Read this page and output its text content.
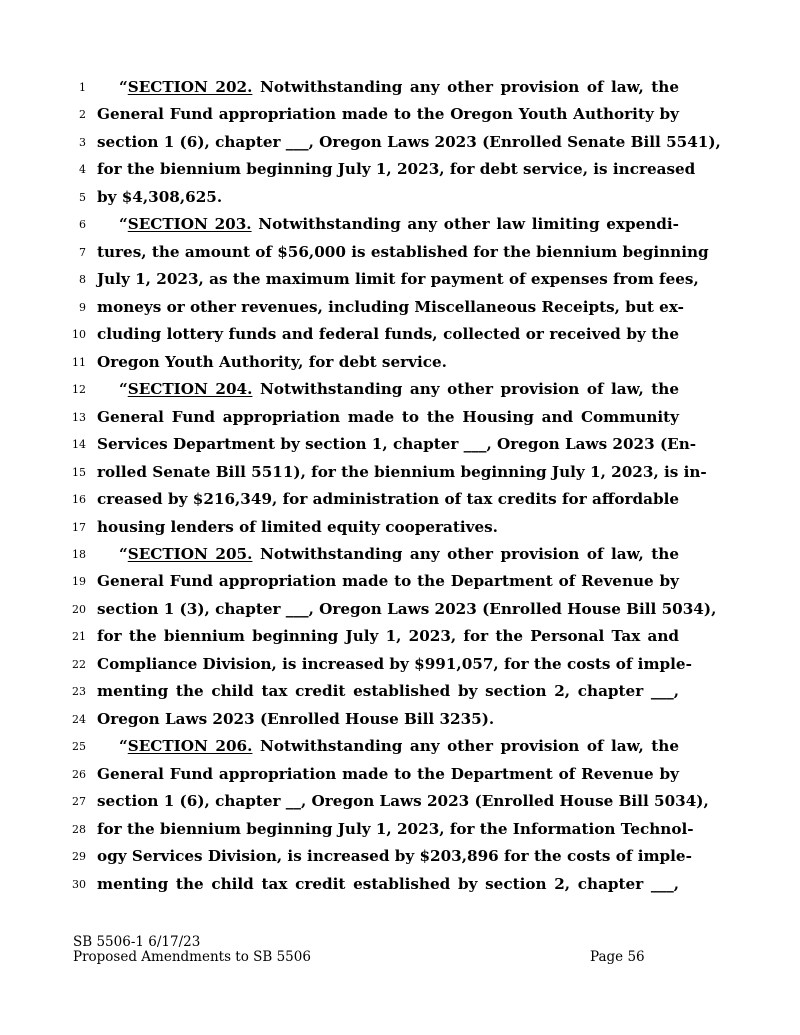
1 “SECTION 202. Notwithstanding any other provision of law, the
2 General Fund appropriation made to the Oregon Youth Authority by
3 section 1 (6), chapter ___, Oregon Laws 2023 (Enrolled Senate Bill 5541),
4 for the biennium beginning July 1, 2023, for debt service, is increased
5 by $4,308,625.
6 “SECTION 203. Notwithstanding any other law limiting expendi-
7 tures, the amount of $56,000 is established for the biennium beginning
8 July 1, 2023, as the maximum limit for payment of expenses from fees,
9 moneys or other revenues, including Miscellaneous Receipts, but ex-
10 cluding lottery funds and federal funds, collected or received by the
11 Oregon Youth Authority, for debt service.
12 “SECTION 204. Notwithstanding any other provision of law, the
13 General Fund appropriation made to the Housing and Community
14 Services Department by section 1, chapter ___, Oregon Laws 2023 (En-
15 rolled Senate Bill 5511), for the biennium beginning July 1, 2023, is in-
16 creased by $216,349, for administration of tax credits for affordable
17 housing lenders of limited equity cooperatives.
18 “SECTION 205. Notwithstanding any other provision of law, the
19 General Fund appropriation made to the Department of Revenue by
20 section 1 (3), chapter ___, Oregon Laws 2023 (Enrolled House Bill 5034),
21 for the biennium beginning July 1, 2023, for the Personal Tax and
22 Compliance Division, is increased by $991,057, for the costs of imple-
23 menting the child tax credit established by section 2, chapter ___,
24 Oregon Laws 2023 (Enrolled House Bill 3235).
25 “SECTION 206. Notwithstanding any other provision of law, the
26 General Fund appropriation made to the Department of Revenue by
27 section 1 (6), chapter __, Oregon Laws 2023 (Enrolled House Bill 5034),
28 for the biennium beginning July 1, 2023, for the Information Technol-
29 ogy Services Division, is increased by $203,896 for the costs of imple-
30 menting the child tax credit established by section 2, chapter ___,
SB 5506-1 6/17/23
Proposed Amendments to SB 5506	Page 56
